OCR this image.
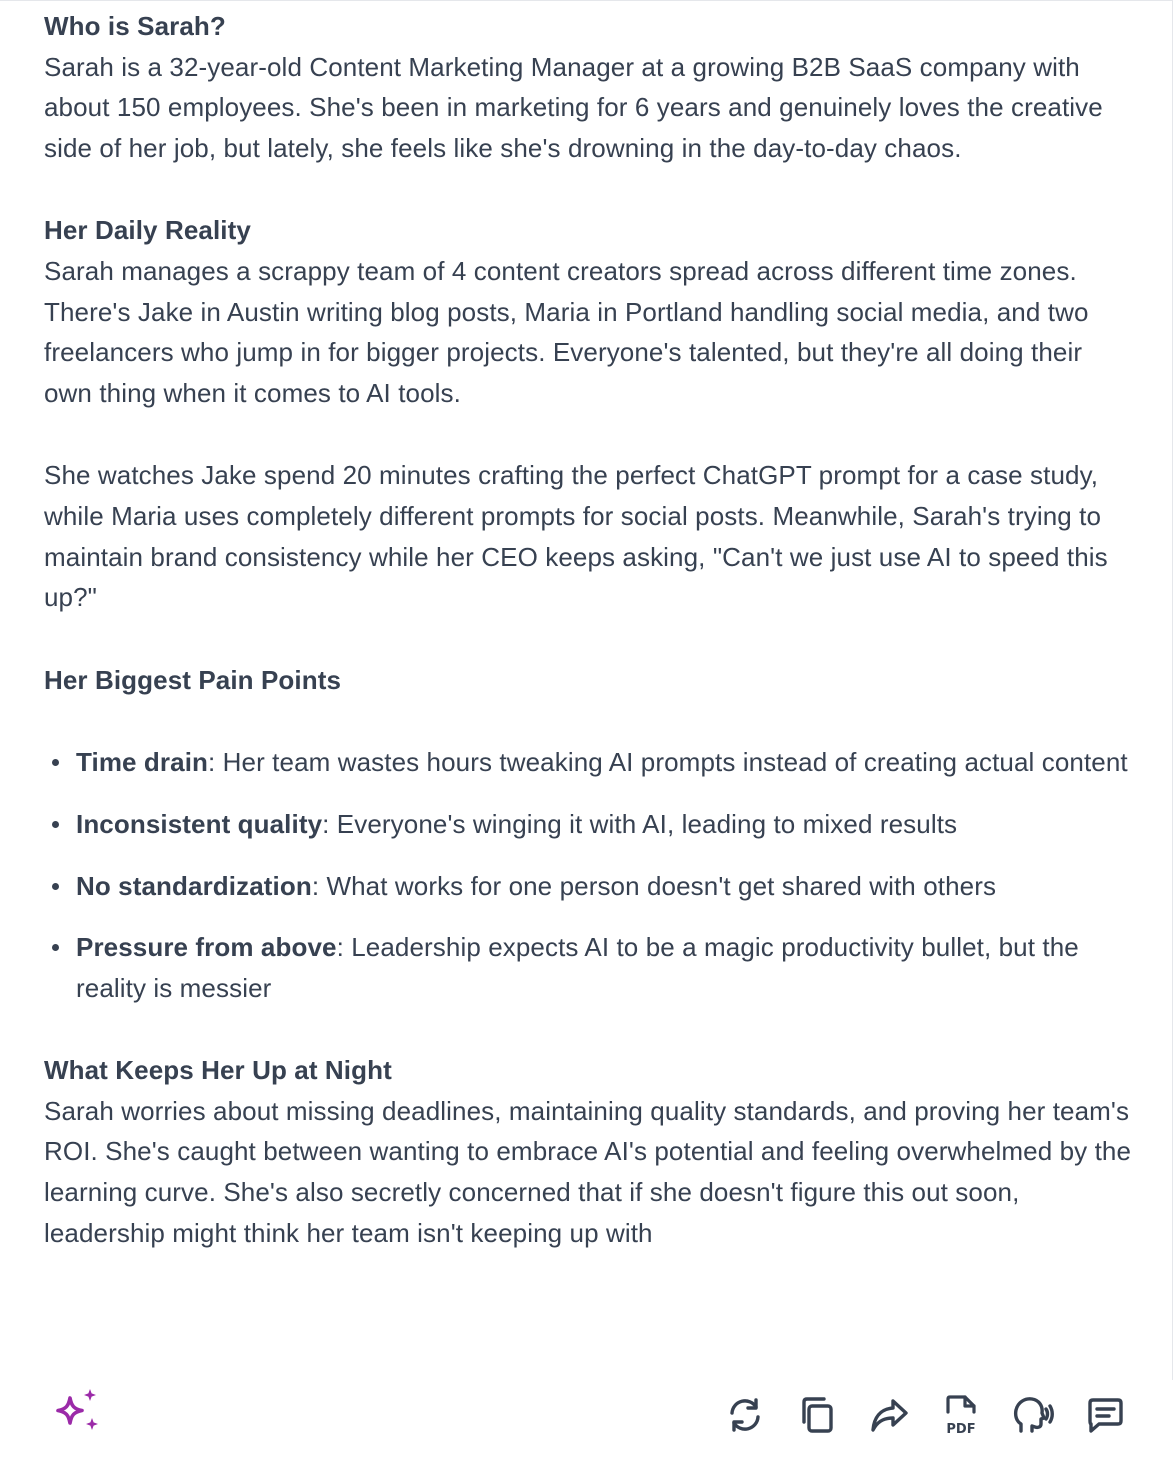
Who is Sarah?

Sarah is a 32-year-old Content Marketing Manager at a growing B2B SaaS company with about 150 employees. She's been in marketing for 6 years and genuinely loves the creative side of her job, but lately, she feels like she's drowning in the day-to-day chaos.

Her Daily Reality

Sarah manages a scrappy team of 4 content creators spread across different time zones. There's Jake in Austin writing blog posts, Maria in Portland handling social media, and two freelancers who jump in for bigger projects. Everyone's talented, but they're all doing their own thing when it comes to AI tools.

She watches Jake spend 20 minutes crafting the perfect ChatGPT prompt for a case study, while Maria uses completely different prompts for social posts. Meanwhile, Sarah's trying to maintain brand consistency while her CEO keeps asking, "Can't we just use AI to speed this up?"

Her Biggest Pain Points

Time drain: Her team wastes hours tweaking AI prompts instead of creating actual content
Inconsistent quality: Everyone's winging it with AI, leading to mixed results
No standardization: What works for one person doesn't get shared with others
Pressure from above: Leadership expects AI to be a magic productivity bullet, but the reality is messier

What Keeps Her Up at Night

Sarah worries about missing deadlines, maintaining quality standards, and proving her team's ROI. She's caught between wanting to embrace AI's potential and feeling overwhelmed by the learning curve. She's also secretly concerned that if she doesn't figure this out soon, leadership might think her team isn't keeping up with

PDF
